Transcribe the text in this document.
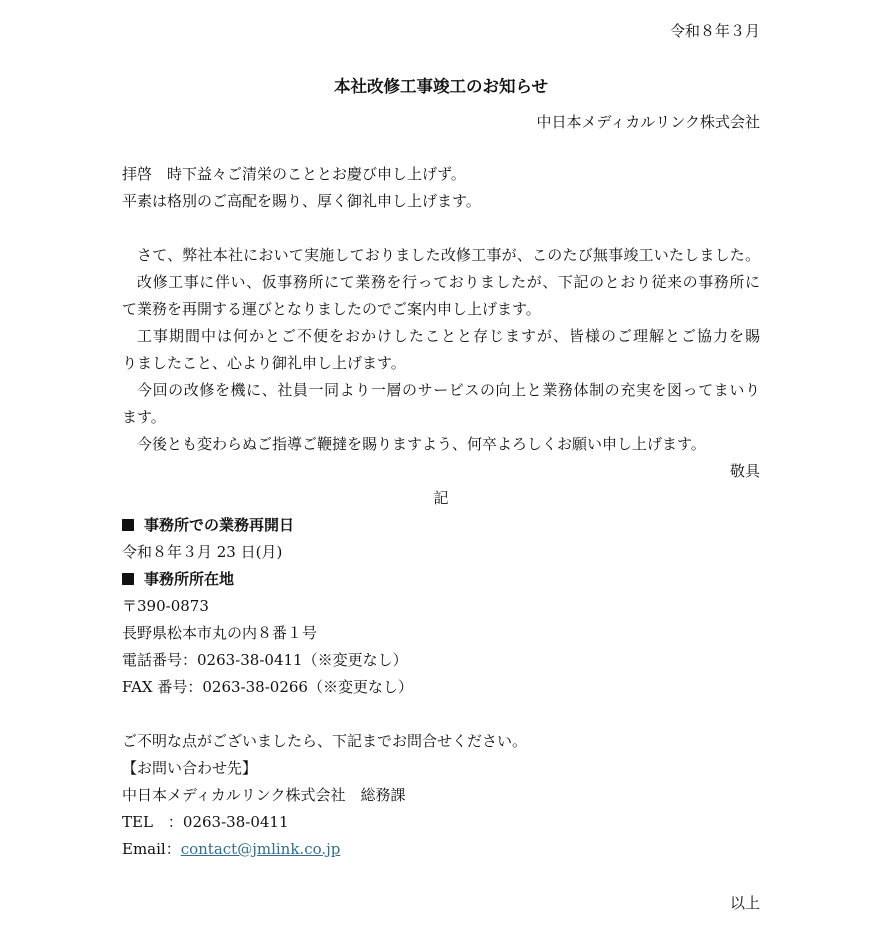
令和８年３月
本社改修工事竣工のお知らせ
中日本メディカルリンク株式会社
拝啓　時下益々ご清栄のこととお慶び申し上げず。
平素は格別のご高配を賜り、厚く御礼申し上げます。
さて、弊社本社において実施しておりました改修工事が、このたび無事竣工いたしました。
改修工事に伴い、仮事務所にて業務を行っておりましたが、下記のとおり従来の事務所に
て業務を再開する運びとなりましたのでご案内申し上げます。
工事期間中は何かとご不便をおかけしたことと存じますが、皆様のご理解とご協力を賜
りましたこと、心より御礼申し上げます。
今回の改修を機に、社員一同より一層のサービスの向上と業務体制の充実を図ってまいり
ます。
今後とも変わらぬご指導ご鞭撻を賜りますよう、何卒よろしくお願い申し上げます。
敬具
記
事務所での業務再開日
令和８年３月 23 日(月)
事務所所在地
〒390-0873
長野県松本市丸の内８番１号
電話番号：0263-38-0411（※変更なし）
FAX 番号：0263-38-0266（※変更なし）
ご不明な点がございましたら、下記までお問合せください。
【お問い合わせ先】
中日本メディカルリンク株式会社　総務課
TEL　：0263-38-0411
Email：contact@jmlink.co.jp
以上
